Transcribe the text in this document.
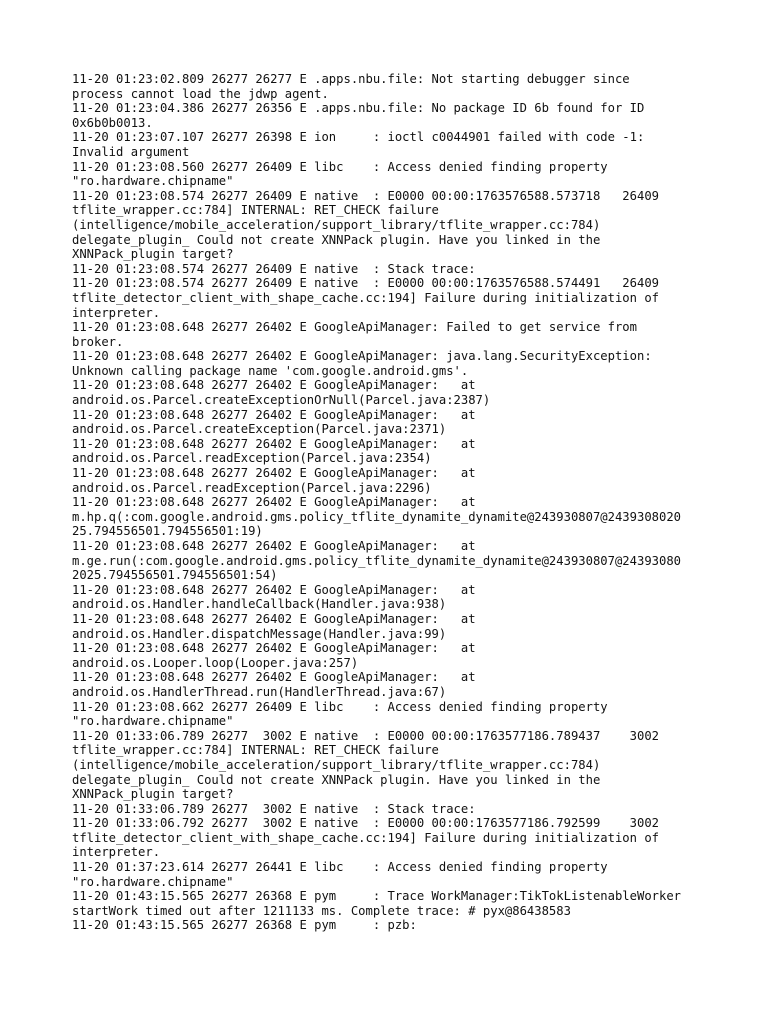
11-20 01:23:02.809 26277 26277 E .apps.nbu.file: Not starting debugger since

process cannot load the jdwp agent.

11-20 01:23:04.386 26277 26356 E .apps.nbu.file: No package ID 6b found for ID

0x6b0b0013.

11-20 01:23:07.107 26277 26398 E ion     : ioctl c0044901 failed with code -1:

Invalid argument

11-20 01:23:08.560 26277 26409 E libc    : Access denied finding property

"ro.hardware.chipname"

11-20 01:23:08.574 26277 26409 E native  : E0000 00:00:1763576588.573718   26409

tflite_wrapper.cc:784] INTERNAL: RET_CHECK failure

(intelligence/mobile_acceleration/support_library/tflite_wrapper.cc:784)

delegate_plugin_ Could not create XNNPack plugin. Have you linked in the

XNNPack_plugin target?

11-20 01:23:08.574 26277 26409 E native  : Stack trace:

11-20 01:23:08.574 26277 26409 E native  : E0000 00:00:1763576588.574491   26409

tflite_detector_client_with_shape_cache.cc:194] Failure during initialization of

interpreter.

11-20 01:23:08.648 26277 26402 E GoogleApiManager: Failed to get service from

broker.

11-20 01:23:08.648 26277 26402 E GoogleApiManager: java.lang.SecurityException:

Unknown calling package name 'com.google.android.gms'.

11-20 01:23:08.648 26277 26402 E GoogleApiManager:   at

android.os.Parcel.createExceptionOrNull(Parcel.java:2387)

11-20 01:23:08.648 26277 26402 E GoogleApiManager:   at

android.os.Parcel.createException(Parcel.java:2371)

11-20 01:23:08.648 26277 26402 E GoogleApiManager:   at

android.os.Parcel.readException(Parcel.java:2354)

11-20 01:23:08.648 26277 26402 E GoogleApiManager:   at

android.os.Parcel.readException(Parcel.java:2296)

11-20 01:23:08.648 26277 26402 E GoogleApiManager:   at

m.hp.q(:com.google.android.gms.policy_tflite_dynamite_dynamite@243930807@2439308020

25.794556501.794556501:19)

11-20 01:23:08.648 26277 26402 E GoogleApiManager:   at

m.ge.run(:com.google.android.gms.policy_tflite_dynamite_dynamite@243930807@24393080

2025.794556501.794556501:54)

11-20 01:23:08.648 26277 26402 E GoogleApiManager:   at

android.os.Handler.handleCallback(Handler.java:938)

11-20 01:23:08.648 26277 26402 E GoogleApiManager:   at

android.os.Handler.dispatchMessage(Handler.java:99)

11-20 01:23:08.648 26277 26402 E GoogleApiManager:   at

android.os.Looper.loop(Looper.java:257)

11-20 01:23:08.648 26277 26402 E GoogleApiManager:   at

android.os.HandlerThread.run(HandlerThread.java:67)

11-20 01:23:08.662 26277 26409 E libc    : Access denied finding property

"ro.hardware.chipname"

11-20 01:33:06.789 26277  3002 E native  : E0000 00:00:1763577186.789437    3002

tflite_wrapper.cc:784] INTERNAL: RET_CHECK failure

(intelligence/mobile_acceleration/support_library/tflite_wrapper.cc:784)

delegate_plugin_ Could not create XNNPack plugin. Have you linked in the

XNNPack_plugin target?

11-20 01:33:06.789 26277  3002 E native  : Stack trace:

11-20 01:33:06.792 26277  3002 E native  : E0000 00:00:1763577186.792599    3002

tflite_detector_client_with_shape_cache.cc:194] Failure during initialization of

interpreter.

11-20 01:37:23.614 26277 26441 E libc    : Access denied finding property

"ro.hardware.chipname"

11-20 01:43:15.565 26277 26368 E pym     : Trace WorkManager:TikTokListenableWorker

startWork timed out after 1211133 ms. Complete trace: # pyx@86438583

11-20 01:43:15.565 26277 26368 E pym     : pzb:
